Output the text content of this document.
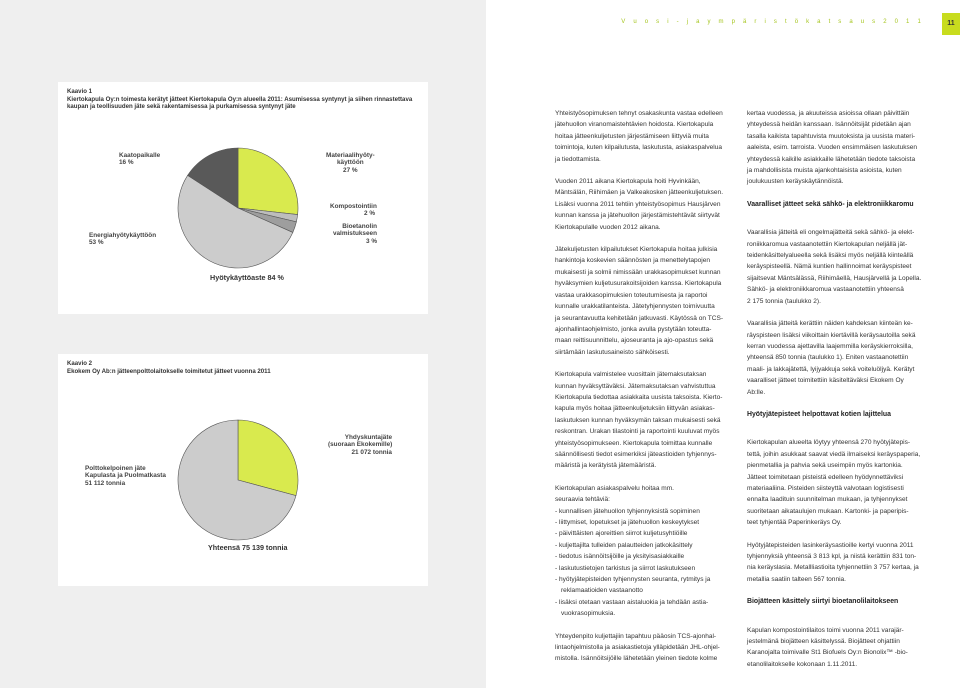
Kaavio 1
Kiertokapula Oy:n toimesta kerätyt jätteet Kiertokapula Oy:n alueella 2011: Asumisessa syntynyt ja siihen rinnastettava
kaupan ja teollisuuden jäte sekä rakentamisessa ja purkamisessa syntynyt jäte
Kaatopaikalle
16 %
Materiaalihyöty-
käyttöön
27 %
Kompostointiin
2 %
Bioetanolin
valmistukseen
3 %
Energiahyötykäyttöön
53 %
Hyötykäyttöaste 84 %
Kaavio 2
Ekokem Oy Ab:n jätteenpolttolaitokselle toimitetut jätteet vuonna 2011
Yhdyskuntajäte
(suoraan Ekokemille)
21 072 tonnia
Polttokelpoinen jäte
Kapulasta ja Puolmatkasta
51 112 tonnia
Yhteensä 75 139 tonnia
V u o s i - j a y m p ä r i s t ö k a t s a u s 2 0 1 1	11

Yhteistyösopimuksen tehnyt osakaskunta vastaa edelleen
jätehuollon viranomaistehtävien hoidosta. Kiertokapula
hoitaa jätteenkuljetusten järjestämiseen liittyviä muita
toimintoja, kuten kilpailutusta, laskutusta, asiakaspalvelua
ja tiedottamista.

Vuoden 2011 aikana Kiertokapula hoiti Hyvinkään,
Mäntsälän, Riihimäen ja Valkeakosken jätteenkuljetuksen.
Lisäksi vuonna 2011 tehtiin yhteistyösopimus Hausjärven
kunnan kanssa ja jätehuollon järjestämistehtävät siirtyvät
Kiertokapulalle vuoden 2012 aikana.

Jätekuljetusten kilpailutukset Kiertokapula hoitaa julkisia
hankintoja koskevien säännösten ja menettelytapojen
mukaisesti ja solmii nimissään urakkasopimukset kunnan
hyväksymien kuljetusurakoitsijoiden kanssa. Kiertokapula
vastaa urakkasopimuksien toteutumisesta ja raportoi
kunnalle urakkatilanteista. Jätetyhjennysten toimivuutta
ja seurantavuutta kehitetään jatkuvasti. Käytössä on TCS-
ajonhallintaohjelmisto, jonka avulla pystytään toteutta-
maan reittisuunnittelu, ajoseuranta ja ajo-opastus sekä
siirtämään laskutusaineisto sähköisesti.

Kiertokapula valmistelee vuosittain jätemaksutaksan
kunnan hyväksyttäväksi. Jätemaksutaksan vahvistuttua
Kiertokapula tiedottaa asiakkaita uusista taksoista. Kierto-
kapula myös hoitaa jätteenkuljetuksiin liittyvän asiakas-
laskutuksen kunnan hyväksymän taksan mukaisesti sekä
reskontran. Urakan tilastointi ja raportointi kuuluvat myös
yhteistyösopimukseen. Kiertokapula toimittaa kunnalle
säännöllisesti tiedot esimerkiksi jäteastioiden tyhjennys-
määristä ja kerätyistä jätemääristä.

Kiertokapulan asiakaspalvelu hoitaa mm.
seuraavia tehtäviä:
- kunnallisen jätehuollon tyhjennyksistä sopiminen
- liittymiset, lopetukset ja jätehuollon keskeytykset
- päivittäisten ajoreittien siirrot kuljetusyhtiöille
- kuljettajilta tulleiden palautteiden jatkokäsittely
- tiedotus isännöitsijöille ja yksityisasiakkaille
- laskutustietojen tarkistus ja siirrot laskutukseen
- hyötyjätepisteiden tyhjennysten seuranta, rytmitys ja
reklamaatioiden vastaanotto
- lisäksi otetaan vastaan aistaluokia ja tehdään astia-
vuokrasopimuksia.

Yhteydenpito kuljettajiin tapahtuu pääosin TCS-ajonhal-
lintaohjelmistolla ja asiakastietoja ylläpidetään JHL-ohjel-
mistolla. Isännöitsijöille lähetetään yleinen tiedote kolme

kertaa vuodessa, ja akuuteissa asioissa ollaan päivittäin
yhteydessä heidän kanssaan. Isännöitsijät pidetään ajan
tasalla kaikista tapahtuvista muutoksista ja uusista materi-
aaleista, esim. tarroista. Vuoden ensimmäisen laskutuksen
yhteydessä kaikille asiakkaille lähetetään tiedote taksoista
ja mahdollisista muista ajankohtaisista asioista, kuten
joulukuusten keräyskäytännöistä.

Vaaralliset jätteet sekä sähkö- ja elektroniikkaromu

Vaarallisia jätteitä eli ongelmajätteitä sekä sähkö- ja elekt-
roniikkaromua vastaanotettiin Kiertokapulan neljällä jät-
teidenkäsittelyalueella sekä lisäksi myös neljällä kiinteällä
keräyspisteellä. Nämä kuntien hallinnoimat keräyspisteet
sijaitsevat Mäntsälässä, Riihimäellä, Hausjärvellä ja Lopella.
Sähkö- ja elektroniikkaromua vastaanotettiin yhteensä
2 175 tonnia (taulukko 2).

Vaarallisia jätteitä kerättiin näiden kahdeksan kiinteän ke-
räyspisteen lisäksi viikoittain kiertävillä keräysautoilla sekä
kerran vuodessa ajettavilla laajemmilla keräyskierroksilla,
yhteensä 850 tonnia (taulukko 1). Eniten vastaanotettiin
maali- ja lakkajätettä, lyijyakkuja sekä voiteluöljyä. Kerätyt
vaaralliset jätteet toimitettiin käsiteltäväksi Ekokem Oy
Ab:lle.

Hyötyjätepisteet helpottavat kotien lajittelua

Kiertokapulan alueelta löytyy yhteensä 270 hyötyjätepis-
tettä, joihin asukkaat saavat viedä ilmaiseksi keräyspaperia,
pienmetallia ja pahvia sekä useimpiin myös kartonkia.
Jätteet toimitetaan pisteistä edelleen hyödynnettäviksi
materiaaliina. Pisteiden siisteyttä valvotaan logistisesti
ennalta laadituin suunnitelman mukaan, ja tyhjennykset
suoritetaan aikataulujen mukaan. Kartonki- ja paperipis-
teet tyhjentää Paperinkeräys Oy.

Hyötyjätepisteiden lasinkeräysastioille kertyi vuonna 2011
tyhjennyksiä yhteensä 3 813 kpl, ja niistä kerättiin 831 ton-
nia keräyslasia. Metallliastioita tyhjennettiin 3 757 kertaa, ja
metallia saatiin talteen 567 tonnia.

Biojätteen käsittely siirtyi bioetanolilaitokseen

Kapulan kompostointilaitos toimi vuonna 2011 varajär-
jestelmänä biojätteen käsittelyssä. Biojätteet ohjattiin
Karanojalta toimivalle St1 Biofuels Oy:n Bionolix™ -bio-
etanolilaitokselle kokonaan 1.11.2011.
